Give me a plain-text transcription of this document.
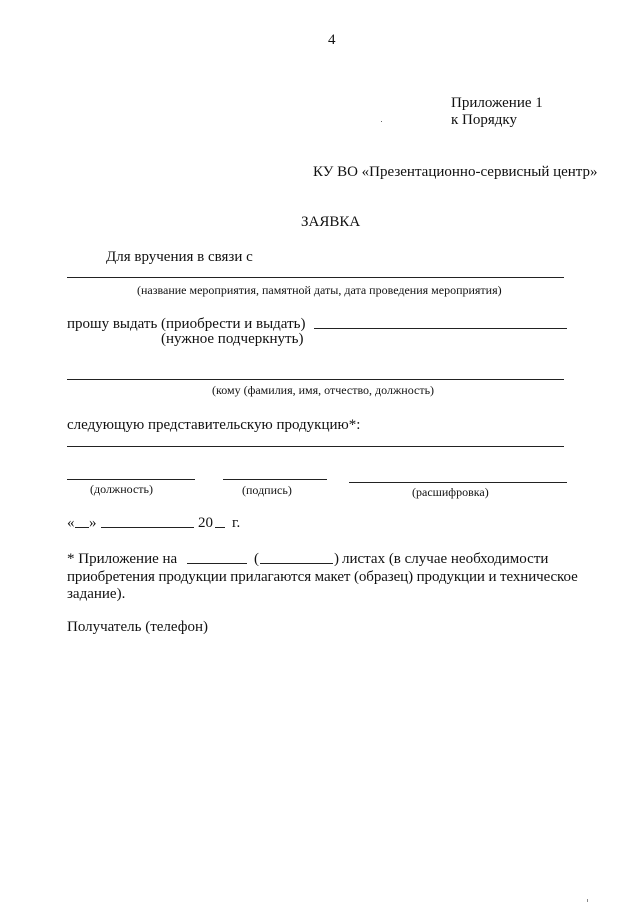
4
Приложение 1
к Порядку
КУ ВО «Презентационно-сервисный центр»
ЗАЯВКА
Для вручения в связи с
(название мероприятия, памятной даты, дата проведения мероприятия)
прошу выдать (приобрести и выдать)
(нужное подчеркнуть)
(кому (фамилия, имя, отчество, должность)
следующую представительскую продукцию*:
(должность)	(подпись)	(расшифровка)
« »	20 г.
* Приложение на	(	) листах (в случае необходимости
приобретения продукции прилагаются макет (образец) продукции и техническое
задание).
Получатель (телефон)
